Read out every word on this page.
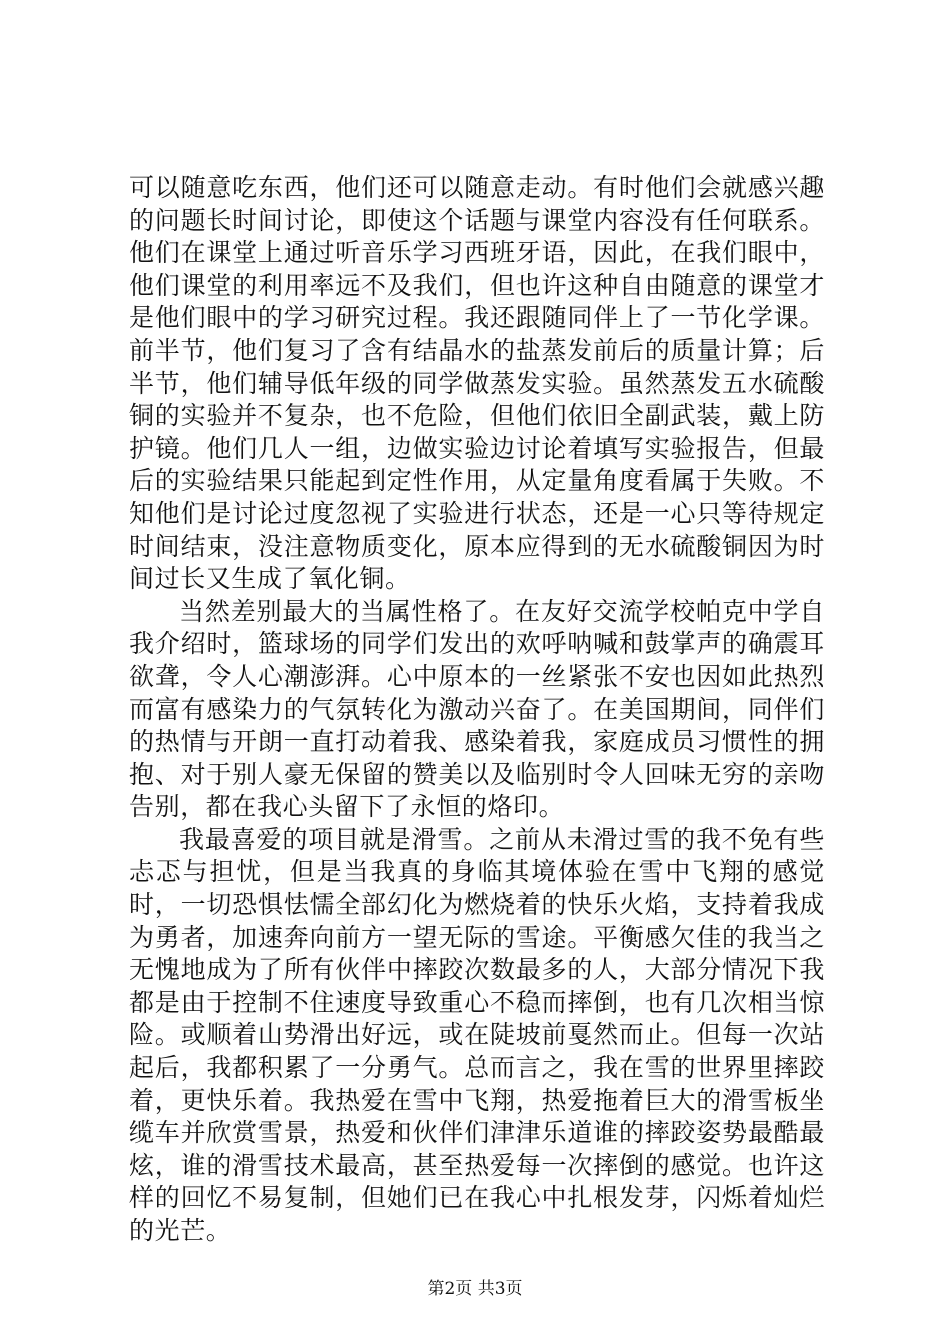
可以随意吃东西，他们还可以随意走动。有时他们会就感兴趣的问题长时间讨论，即使这个话题与课堂内容没有任何联系。他们在课堂上通过听音乐学习西班牙语，因此，在我们眼中，他们课堂的利用率远不及我们，但也许这种自由随意的课堂才是他们眼中的学习研究过程。我还跟随同伴上了一节化学课。前半节，他们复习了含有结晶水的盐蒸发前后的质量计算；后半节，他们辅导低年级的同学做蒸发实验。虽然蒸发五水硫酸铜的实验并不复杂，也不危险，但他们依旧全副武装，戴上防护镜。他们几人一组，边做实验边讨论着填写实验报告，但最后的实验结果只能起到定性作用，从定量角度看属于失败。不知他们是讨论过度忽视了实验进行状态，还是一心只等待规定时间结束，没注意物质变化，原本应得到的无水硫酸铜因为时间过长又生成了氧化铜。

当然差别最大的当属性格了。在友好交流学校帕克中学自我介绍时，篮球场的同学们发出的欢呼呐喊和鼓掌声的确震耳欲聋，令人心潮澎湃。心中原本的一丝紧张不安也因如此热烈而富有感染力的气氛转化为激动兴奋了。在美国期间，同伴们的热情与开朗一直打动着我、感染着我，家庭成员习惯性的拥抱、对于别人豪无保留的赞美以及临别时令人回味无穷的亲吻告别，都在我心头留下了永恒的烙印。

我最喜爱的项目就是滑雪。之前从未滑过雪的我不免有些忐忑与担忧，但是当我真的身临其境体验在雪中飞翔的感觉时，一切恐惧怯懦全部幻化为燃烧着的快乐火焰，支持着我成为勇者，加速奔向前方一望无际的雪途。平衡感欠佳的我当之无愧地成为了所有伙伴中摔跤次数最多的人，大部分情况下我都是由于控制不住速度导致重心不稳而摔倒，也有几次相当惊险。或顺着山势滑出好远，或在陡坡前戛然而止。但每一次站起后，我都积累了一分勇气。总而言之，我在雪的世界里摔跤着，更快乐着。我热爱在雪中飞翔，热爱拖着巨大的滑雪板坐缆车并欣赏雪景，热爱和伙伴们津津乐道谁的摔跤姿势最酷最炫，谁的滑雪技术最高，甚至热爱每一次摔倒的感觉。也许这样的回忆不易复制，但她们已在我心中扎根发芽，闪烁着灿烂的光芒。

第2页 共3页
